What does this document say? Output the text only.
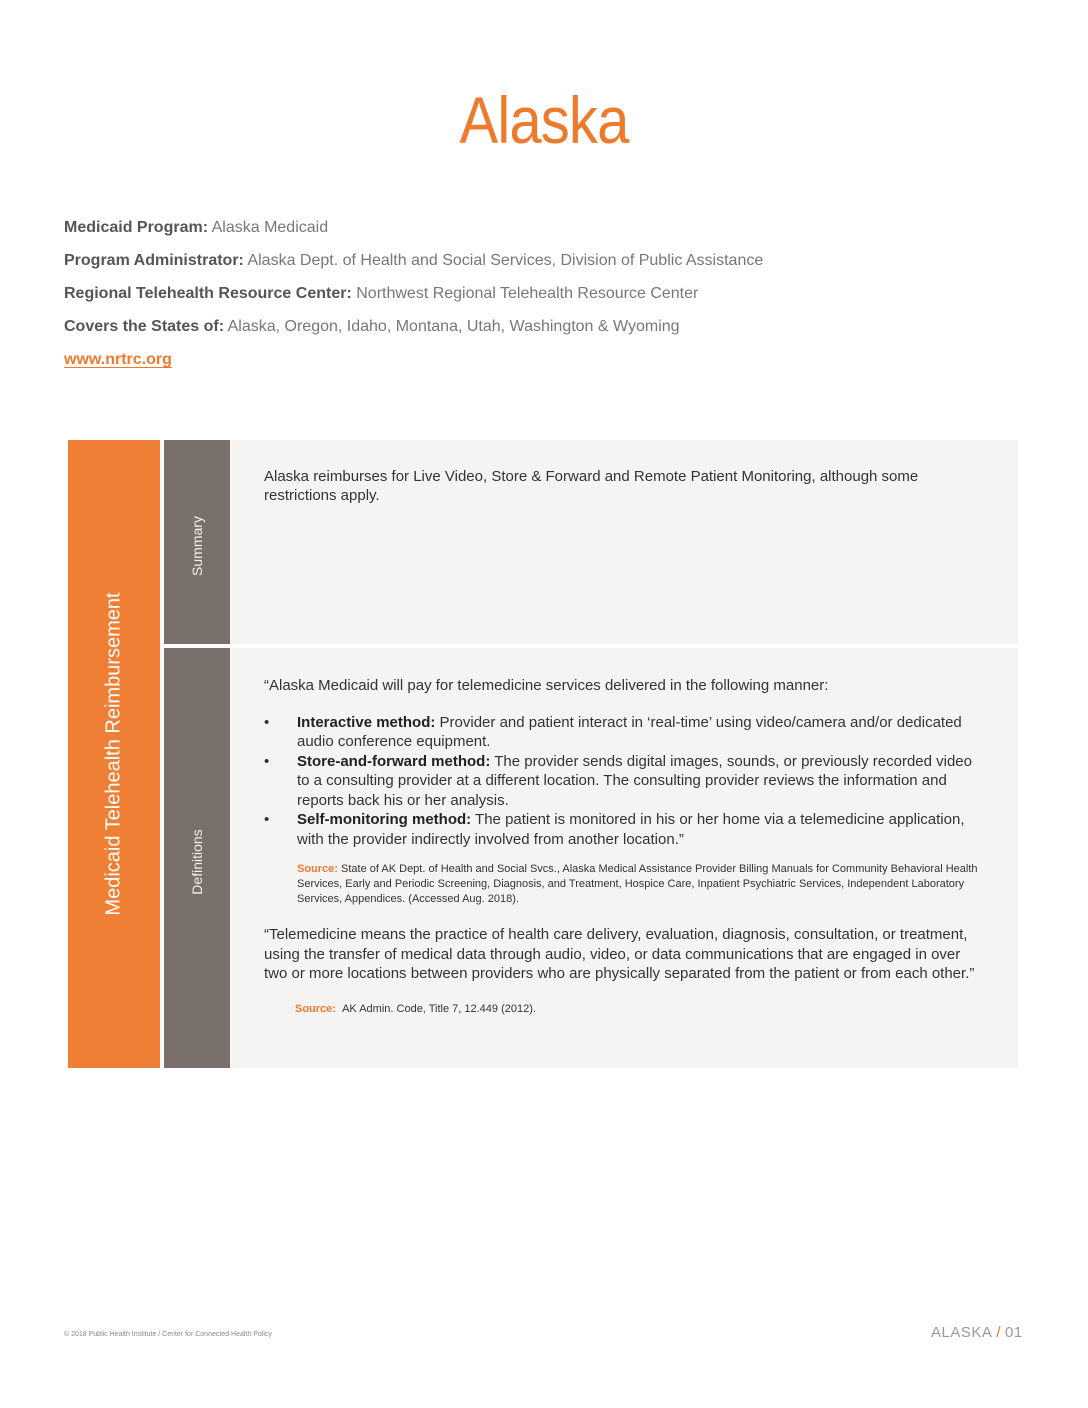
Alaska
Medicaid Program: Alaska Medicaid
Program Administrator: Alaska Dept. of Health and Social Services, Division of Public Assistance
Regional Telehealth Resource Center: Northwest Regional Telehealth Resource Center
Covers the States of: Alaska, Oregon, Idaho, Montana, Utah, Washington & Wyoming
www.nrtrc.org
Medicaid Telehealth Reimbursement
Summary
Alaska reimburses for Live Video, Store & Forward and Remote Patient Monitoring, although some restrictions apply.
Definitions
“Alaska Medicaid will pay for telemedicine services delivered in the following manner:
• Interactive method: Provider and patient interact in ‘real-time’ using video/camera and/or dedicated audio conference equipment.
• Store-and-forward method: The provider sends digital images, sounds, or previously recorded video to a consulting provider at a different location. The consulting provider reviews the information and reports back his or her analysis.
• Self-monitoring method: The patient is monitored in his or her home via a telemedicine application, with the provider indirectly involved from another location.”
Source: State of AK Dept. of Health and Social Svcs., Alaska Medical Assistance Provider Billing Manuals for Community Behavioral Health Services, Early and Periodic Screening, Diagnosis, and Treatment, Hospice Care, Inpatient Psychiatric Services, Independent Laboratory Services, Appendices. (Accessed Aug. 2018).
“Telemedicine means the practice of health care delivery, evaluation, diagnosis, consultation, or treatment, using the transfer of medical data through audio, video, or data communications that are engaged in over two or more locations between providers who are physically separated from the patient or from each other.”
Source: AK Admin. Code, Title 7, 12.449 (2012).
© 2018 Public Health Institute / Center for Connected Health Policy	ALASKA / 01
